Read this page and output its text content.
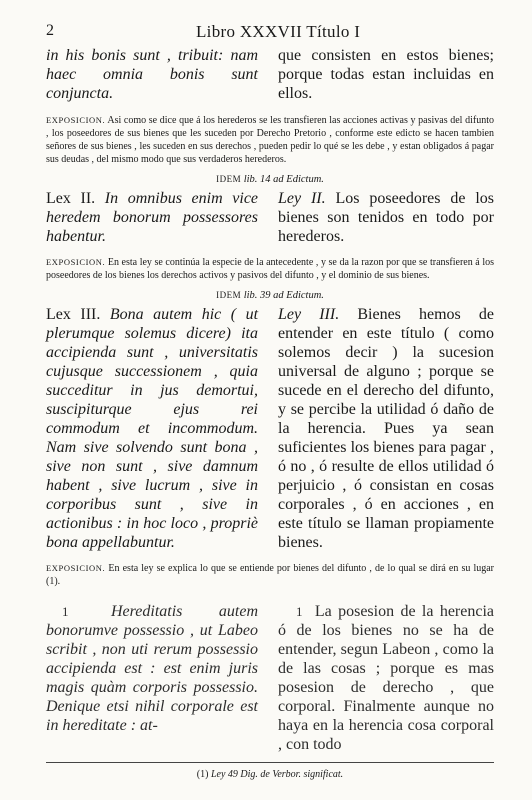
2	Libro XXXVII Título I
in his bonis sunt , tribuit: nam haec omnia bonis sunt conjuncta.
que consisten en estos bienes; porque todas estan incluidas en ellos.

EXPOSICION. Asi como se dice que á los herederos se les transfieren las acciones activas y pasivas del difunto , los poseedores de sus bienes que les suceden por Derecho Pretorio , conforme este edicto se hacen tambien señores de sus bienes , les suceden en sus derechos , pueden pedir lo qué se les debe , y estan obligados á pagar sus deudas , del mismo modo que sus verdaderos herederos.

IDEM lib. 14 ad Edictum.
Lex II. In omnibus enim vice heredem bonorum possessores habentur.
Ley II. Los poseedores de los bienes son tenidos en todo por herederos.

EXPOSICION. En esta ley se continúa la especie de la antecedente , y se da la razon por que se transfieren á los poseedores de los bienes los derechos activos y pasivos del difunto , y el dominio de sus bienes.

IDEM lib. 39 ad Edictum.
Lex III. Bona autem hic ( ut plerumque solemus dicere) ita accipienda sunt , universitatis cujusque successionem , quia succeditur in jus demortui, suscipiturque ejus rei commodum et incommodum. Nam sive solvendo sunt bona , sive non sunt , sive damnum habent , sive lucrum , sive in corporibus sunt , sive in actionibus : in hoc loco , propriè bona appellabuntur.
Ley III. Bienes hemos de entender en este título ( como solemos decir ) la sucesion universal de alguno ; porque se sucede en el derecho del difunto, y se percibe la utilidad ó daño de la herencia. Pues ya sean suficientes los bienes para pagar , ó no , ó resulte de ellos utilidad ó perjuicio , ó consistan en cosas corporales , ó en acciones , en este título se llaman propiamente bienes.

EXPOSICION. En esta ley se explica lo que se entiende por bienes del difunto , de lo qual se dirá en su lugar (1).

1	Hereditatis autem bonorumve possessio , ut Labeo scribit , non uti rerum possessio accipienda est : est enim juris magis quàm corporis possessio. Denique etsi nihil corporale est in hereditate : at-
1 La posesion de la herencia ó de los bienes no se ha de entender, segun Labeon , como la de las cosas ; porque es mas posesion de derecho , que corporal. Finalmente aunque no haya en la herencia cosa corporal , con todo
(1) Ley 49 Dig. de Verbor. significat.
